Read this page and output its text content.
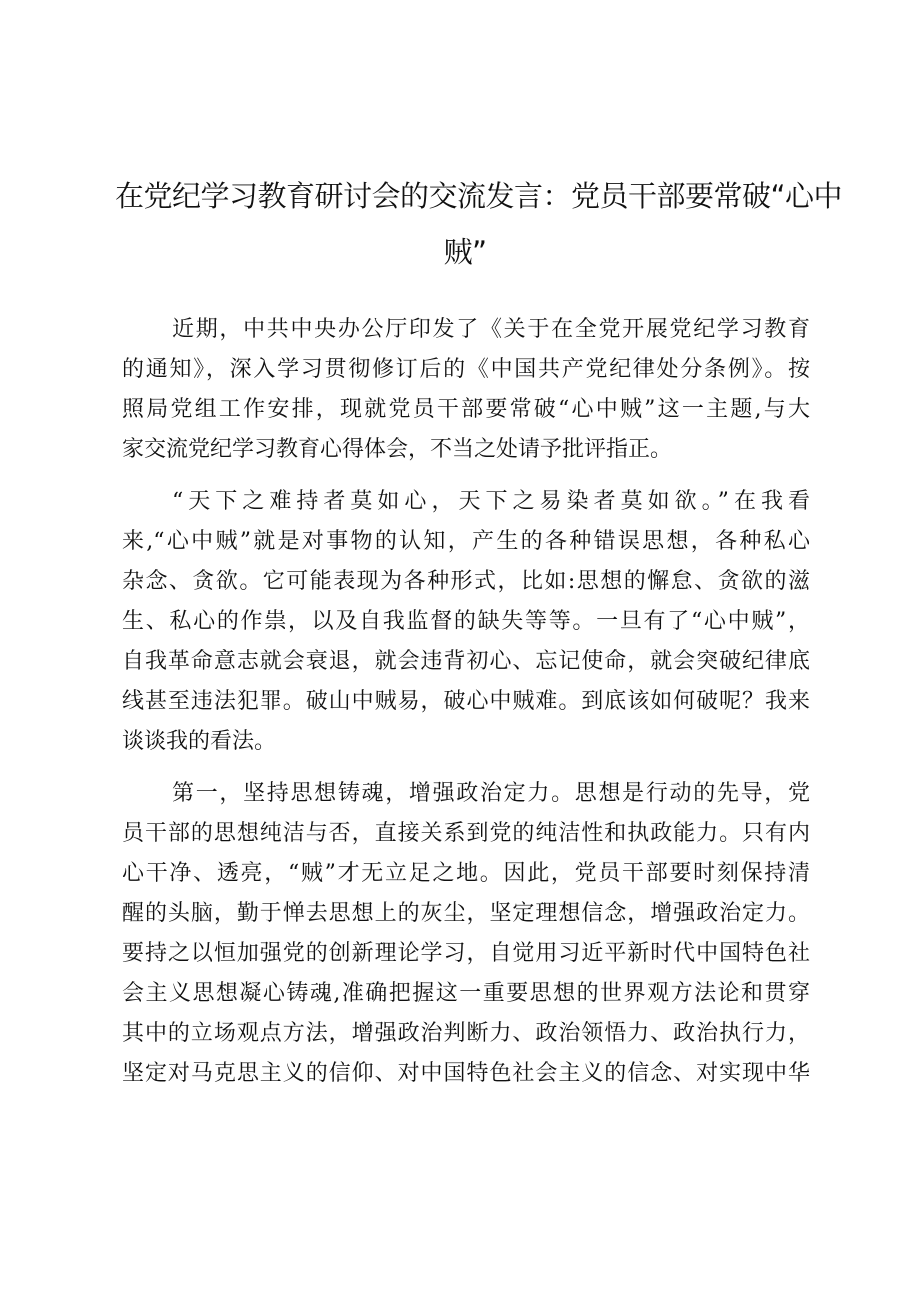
在党纪学习教育研讨会的交流发言：党员干部要常破“心中
贼”

近期，中共中央办公厅印发了《关于在全党开展党纪学习教育
的通知》，深入学习贯彻修订后的《中国共产党纪律处分条例》。按
照局党组工作安排，现就党员干部要常破“心中贼”这一主题,与大
家交流党纪学习教育心得体会，不当之处请予批评指正。

“天下之难持者莫如心，天下之易染者莫如欲。”在我看
来,“心中贼”就是对事物的认知，产生的各种错误思想，各种私心
杂念、贪欲。它可能表现为各种形式，比如:思想的懈怠、贪欲的滋
生、私心的作祟，以及自我监督的缺失等等。一旦有了“心中贼”，
自我革命意志就会衰退，就会违背初心、忘记使命，就会突破纪律底
线甚至违法犯罪。破山中贼易，破心中贼难。到底该如何破呢？我来
谈谈我的看法。

第一，坚持思想铸魂，增强政治定力。思想是行动的先导，党
员干部的思想纯洁与否，直接关系到党的纯洁性和执政能力。只有内
心干净、透亮，“贼”才无立足之地。因此，党员干部要时刻保持清
醒的头脑，勤于惮去思想上的灰尘，坚定理想信念，增强政治定力。
要持之以恒加强党的创新理论学习，自觉用习近平新时代中国特色社
会主义思想凝心铸魂,准确把握这一重要思想的世界观方法论和贯穿
其中的立场观点方法，增强政治判断力、政治领悟力、政治执行力，
坚定对马克思主义的信仰、对中国特色社会主义的信念、对实现中华
